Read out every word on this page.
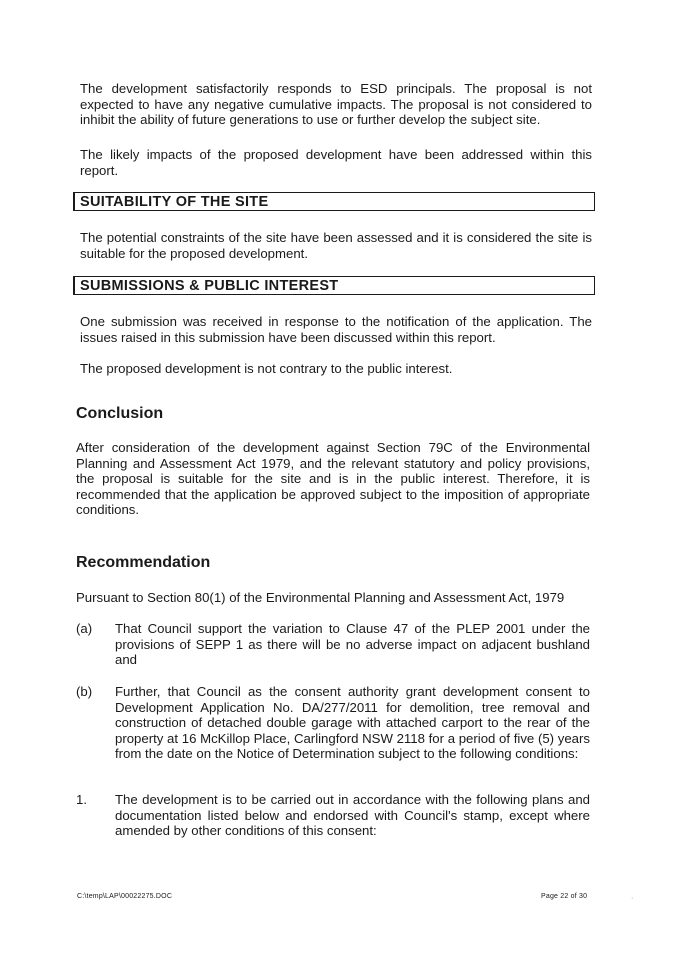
The development satisfactorily responds to ESD principals. The proposal is not expected to have any negative cumulative impacts. The proposal is not considered to inhibit the ability of future generations to use or further develop the subject site.

The likely impacts of the proposed development have been addressed within this report.

SUITABILITY OF THE SITE

The potential constraints of the site have been assessed and it is considered the site is suitable for the proposed development.

SUBMISSIONS & PUBLIC INTEREST

One submission was received in response to the notification of the application. The issues raised in this submission have been discussed within this report.

The proposed development is not contrary to the public interest.

Conclusion

After consideration of the development against Section 79C of the Environmental Planning and Assessment Act 1979, and the relevant statutory and policy provisions, the proposal is suitable for the site and is in the public interest. Therefore, it is recommended that the application be approved subject to the imposition of appropriate conditions.

Recommendation

Pursuant to Section 80(1) of the Environmental Planning and Assessment Act, 1979

(a) That Council support the variation to Clause 47 of the PLEP 2001 under the provisions of SEPP 1 as there will be no adverse impact on adjacent bushland and

(b) Further, that Council as the consent authority grant development consent to Development Application No. DA/277/2011 for demolition, tree removal and construction of detached double garage with attached carport to the rear of the property at 16 McKillop Place, Carlingford NSW 2118 for a period of five (5) years from the date on the Notice of Determination subject to the following conditions:

1. The development is to be carried out in accordance with the following plans and documentation listed below and endorsed with Council's stamp, except where amended by other conditions of this consent:

C:\temp\LAP\00022275.DOC	Page 22 of 30	·
